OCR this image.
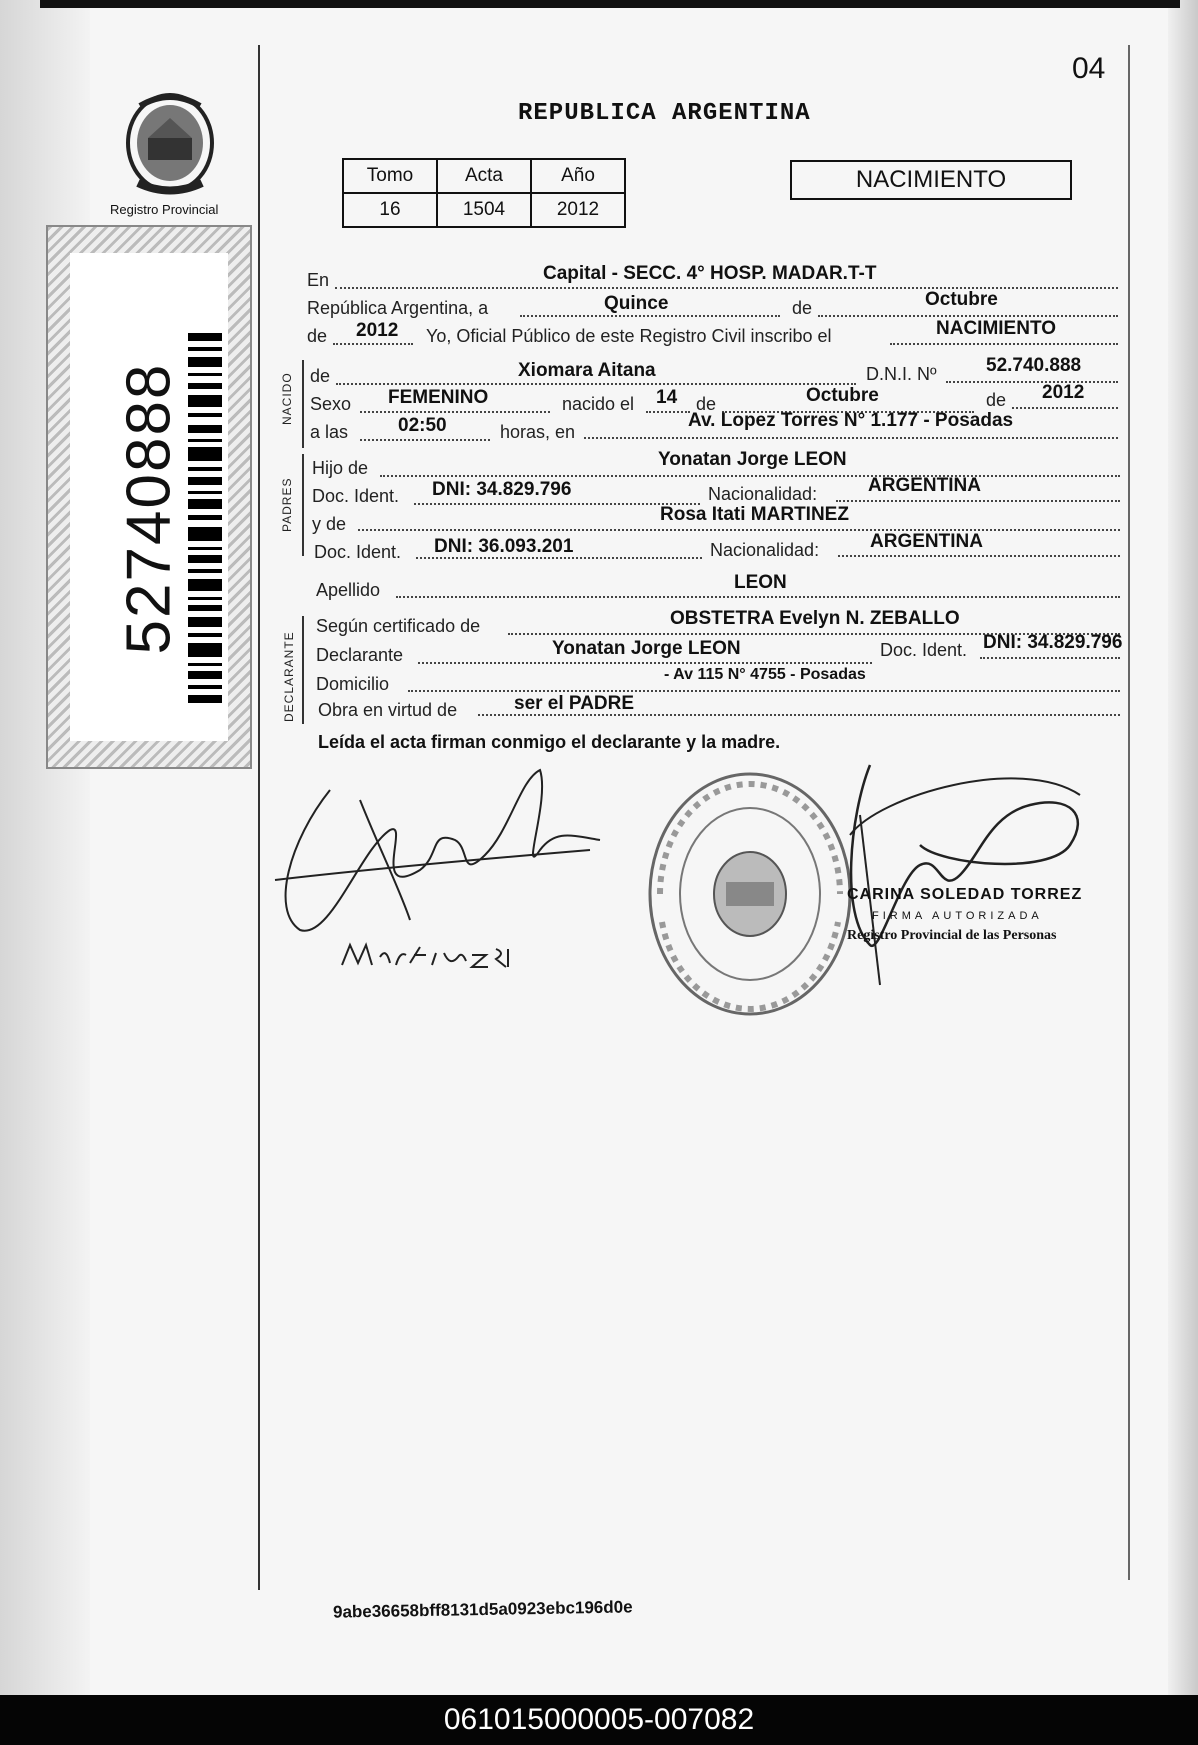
04
REPUBLICA ARGENTINA
Registro Provincial
52740888
Tomo	Acta	Año
16	1504	2012
NACIMIENTO
En	Capital - SECC. 4° HOSP. MADAR.T-T
República Argentina, a	Quince	de	Octubre
de 2012 Yo, Oficial Público de este Registro Civil inscribo el	NACIMIENTO
NACIDO de	Xiomara Aitana	D.N.I. Nº	52.740.888
Sexo FEMENINO	nacido el 14 de	Octubre	de 2012
a las	02:50	horas, en
Av. Lopez Torres N° 1.177 - Posadas
PADRES
Hijo de	Yonatan Jorge LEON
Doc. Ident. DNI: 34.829.796	Nacionalidad:	ARGENTINA
y de	Rosa Itati MARTINEZ
Doc. Ident. DNI: 36.093.201	Nacionalidad:	ARGENTINA
Apellido	LEON
DECLARANTE
Según certificado de	OBSTETRA Evelyn N. ZEBALLO
Declarante	Yonatan Jorge LEON	Doc. Ident. DNI: 34.829.796
Domicilio	- Av 115 N° 4755 - Posadas
Obra en virtud de	ser el PADRE
Leída el acta firman conmigo el declarante y la madre.
CARINA SOLEDAD TORREZ
FIRMA AUTORIZADA
Registro Provincial de las Personas
9abe36658bff8131d5a0923ebc196d0e
061015000005-007082
